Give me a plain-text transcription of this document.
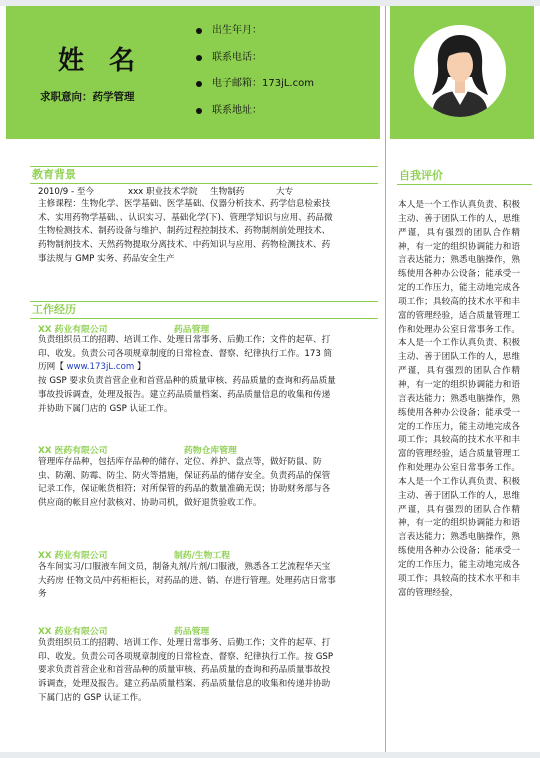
姓 名
求职意向：药学管理
出生年月：
联系电话：
电子邮箱：173jL.com
联系地址：
教育背景
2010/9 - 至今	xxx 职业技术学院 生物制药	大专

主修课程：生物化学、医学基础、医学基础、仪器分析技术、药学信息检索技术、实用药物学基础、、认识实习、基础化学(下)、管理学知识与应用、药品微生物检测技术、制药设备与维护、制药过程控制技术、药物制剂前处理技术、药物制剂技术、天然药物提取分离技术、中药知识与应用、药物检测技术、药事法规与 GMP 实务、药品安全生产

工作经历
XX 药业有限公司	药品管理

负责组织员工的招聘、培训工作、处理日常事务、后勤工作；文件的起草、打印、收发。负责公司各项规章制度的日常检查、督察、纪律执行工作。173 简历网【 www.173jL.com 】

按 GSP 要求负责首营企业和首营品种的质量审核、药品质量的查询和药品质量事故投诉调查，处理及报告。建立药品质量档案、药品质量信息的收集和传递并协助下属门店的 GSP 认证工作。

XX 医药有限公司	药物仓库管理

管理库存品种，包括库存品种的储存、定位、养护、盘点等，做好防鼠、防虫、防潮、防霉、防尘、防火等措施，保证药品的储存安全。负责药品的保管记录工作，保证帐货相符；对所保管的药品的数量准确无误；协助财务部与各供应商的帐目应付款核对、协助司机，做好退货验收工作。

XX 药业有限公司	制药/生物工程

各车间实习/口服液车间文员，制备丸剂/片剂/口服液，熟悉各工艺流程华天宝大药房 任物文员/中药柜柜长，对药品的进、销、存进行管理。处理药店日常事务

XX 药业有限公司	药品管理

负责组织员工的招聘、培训工作、处理日常事务、后勤工作；文件的起草、打印、收发。负责公司各项规章制度的日常检查、督察、纪律执行工作。按 GSP 要求负责首营企业和首营品种的质量审核、药品质量的查询和药品质量事故投诉调查，处理及报告。建立药品质量档案、药品质量信息的收集和传递并协助下属门店的 GSP 认证工作。

自我评价
本人是一个工作认真负责、积极主动、善于团队工作的人，思维严谨，具有强烈的团队合作精神，有一定的组织协调能力和语言表达能力；熟悉电脑操作，熟练使用各种办公设备；能承受一定的工作压力，能主动地完成各项工作；具较高的技术水平和丰富的管理经验，适合质量管理工作和处理办公室日常事务工作。本人是一个工作认真负责、积极主动、善于团队工作的人，思维严谨，具有强烈的团队合作精神，有一定的组织协调能力和语言表达能力；熟悉电脑操作，熟练使用各种办公设备；能承受一定的工作压力，能主动地完成各项工作；具较高的技术水平和丰富的管理经验，适合质量管理工作和处理办公室日常事务工作。本人是一个工作认真负责、积极主动、善于团队工作的人，思维严谨，具有强烈的团队合作精神，有一定的组织协调能力和语言表达能力；熟悉电脑操作，熟练使用各种办公设备；能承受一定的工作压力，能主动地完成各项工作；具较高的技术水平和丰富的管理经验，
